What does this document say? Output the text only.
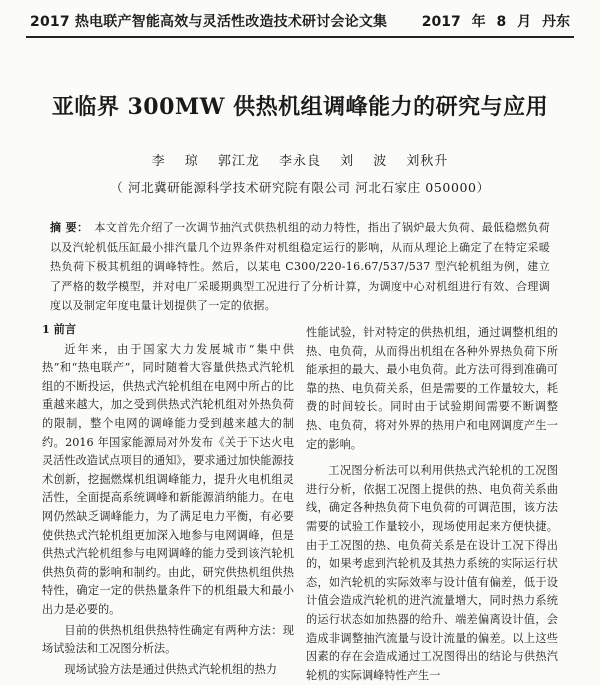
2017 热电联产智能高效与灵活性改造技术研讨会论文集 2017 年 8 月 丹东
亚临界 300MW 供热机组调峰能力的研究与应用
李 琼 郭江龙 李永良 刘 波 刘秋升
（ 河北冀研能源科学技术研究院有限公司 河北石家庄 050000）
摘 要： 本文首先介绍了一次调节抽汽式供热机组的动力特性，指出了锅炉最大负荷、最低稳燃负荷以及汽轮机低压缸最小排汽量几个边界条件对机组稳定运行的影响，从而从理论上确定了在特定采暖热负荷下极其机组的调峰特性。然后，以某电 C300/220-16.67/537/537 型汽轮机组为例，建立了严格的数学模型，并对电厂采暖期典型工况进行了分析计算，为调度中心对机组进行有效、合理调度以及制定年度电量计划提供了一定的依据。

1 前言

近年来，由于国家大力发展城市“集中供热”和“热电联产”，同时随着大容量供热式汽轮机组的不断投运，供热式汽轮机组在电网中所占的比重越来越大，加之受到供热式汽轮机组对外热负荷的限制，整个电网的调峰能力受到越来越大的制约。2016 年国家能源局对外发布《关于下达火电灵活性改造试点项目的通知》，要求通过加快能源技术创新，挖掘燃煤机组调峰能力，提升火电机组灵活性，全面提高系统调峰和新能源消纳能力。在电网仍然缺乏调峰能力，为了满足电力平衡，有必要使供热式汽轮机组更加深入地参与电网调峰，但是供热式汽轮机组参与电网调峰的能力受到该汽轮机供热负荷的影响和制约。由此，研究供热机组供热特性，确定一定的供热量条件下的机组最大和最小出力是必要的。

目前的供热机组供热特性确定有两种方法：现场试验法和工况图分析法。

现场试验方法是通过供热式汽轮机组的热力

性能试验，针对特定的供热机组，通过调整机组的热、电负荷，从而得出机组在各种外界热负荷下所能承担的最大、最小电负荷。此方法可得到准确可靠的热、电负荷关系，但是需要的工作量较大，耗费的时间较长。同时由于试验期间需要不断调整热、电负荷，将对外界的热用户和电网调度产生一定的影响。

工况图分析法可以利用供热式汽轮机的工况图进行分析，依据工况图上提供的热、电负荷关系曲线，确定各种热负荷下电负荷的可调范围，该方法需要的试验工作量较小，现场使用起来方便快捷。由于工况图的热、电负荷关系是在设计工况下得出的，如果考虑到汽轮机及其热力系统的实际运行状态，如汽轮机的实际效率与设计值有偏差，低于设计值会造成汽轮机的进汽流量增大，同时热力系统的运行状态如加热器的给升、端差偏离设计值，会造成非调整抽汽流量与设计流量的偏差。以上这些因素的存在会造成通过工况图得出的结论与供热汽轮机的实际调峰特性产生一
